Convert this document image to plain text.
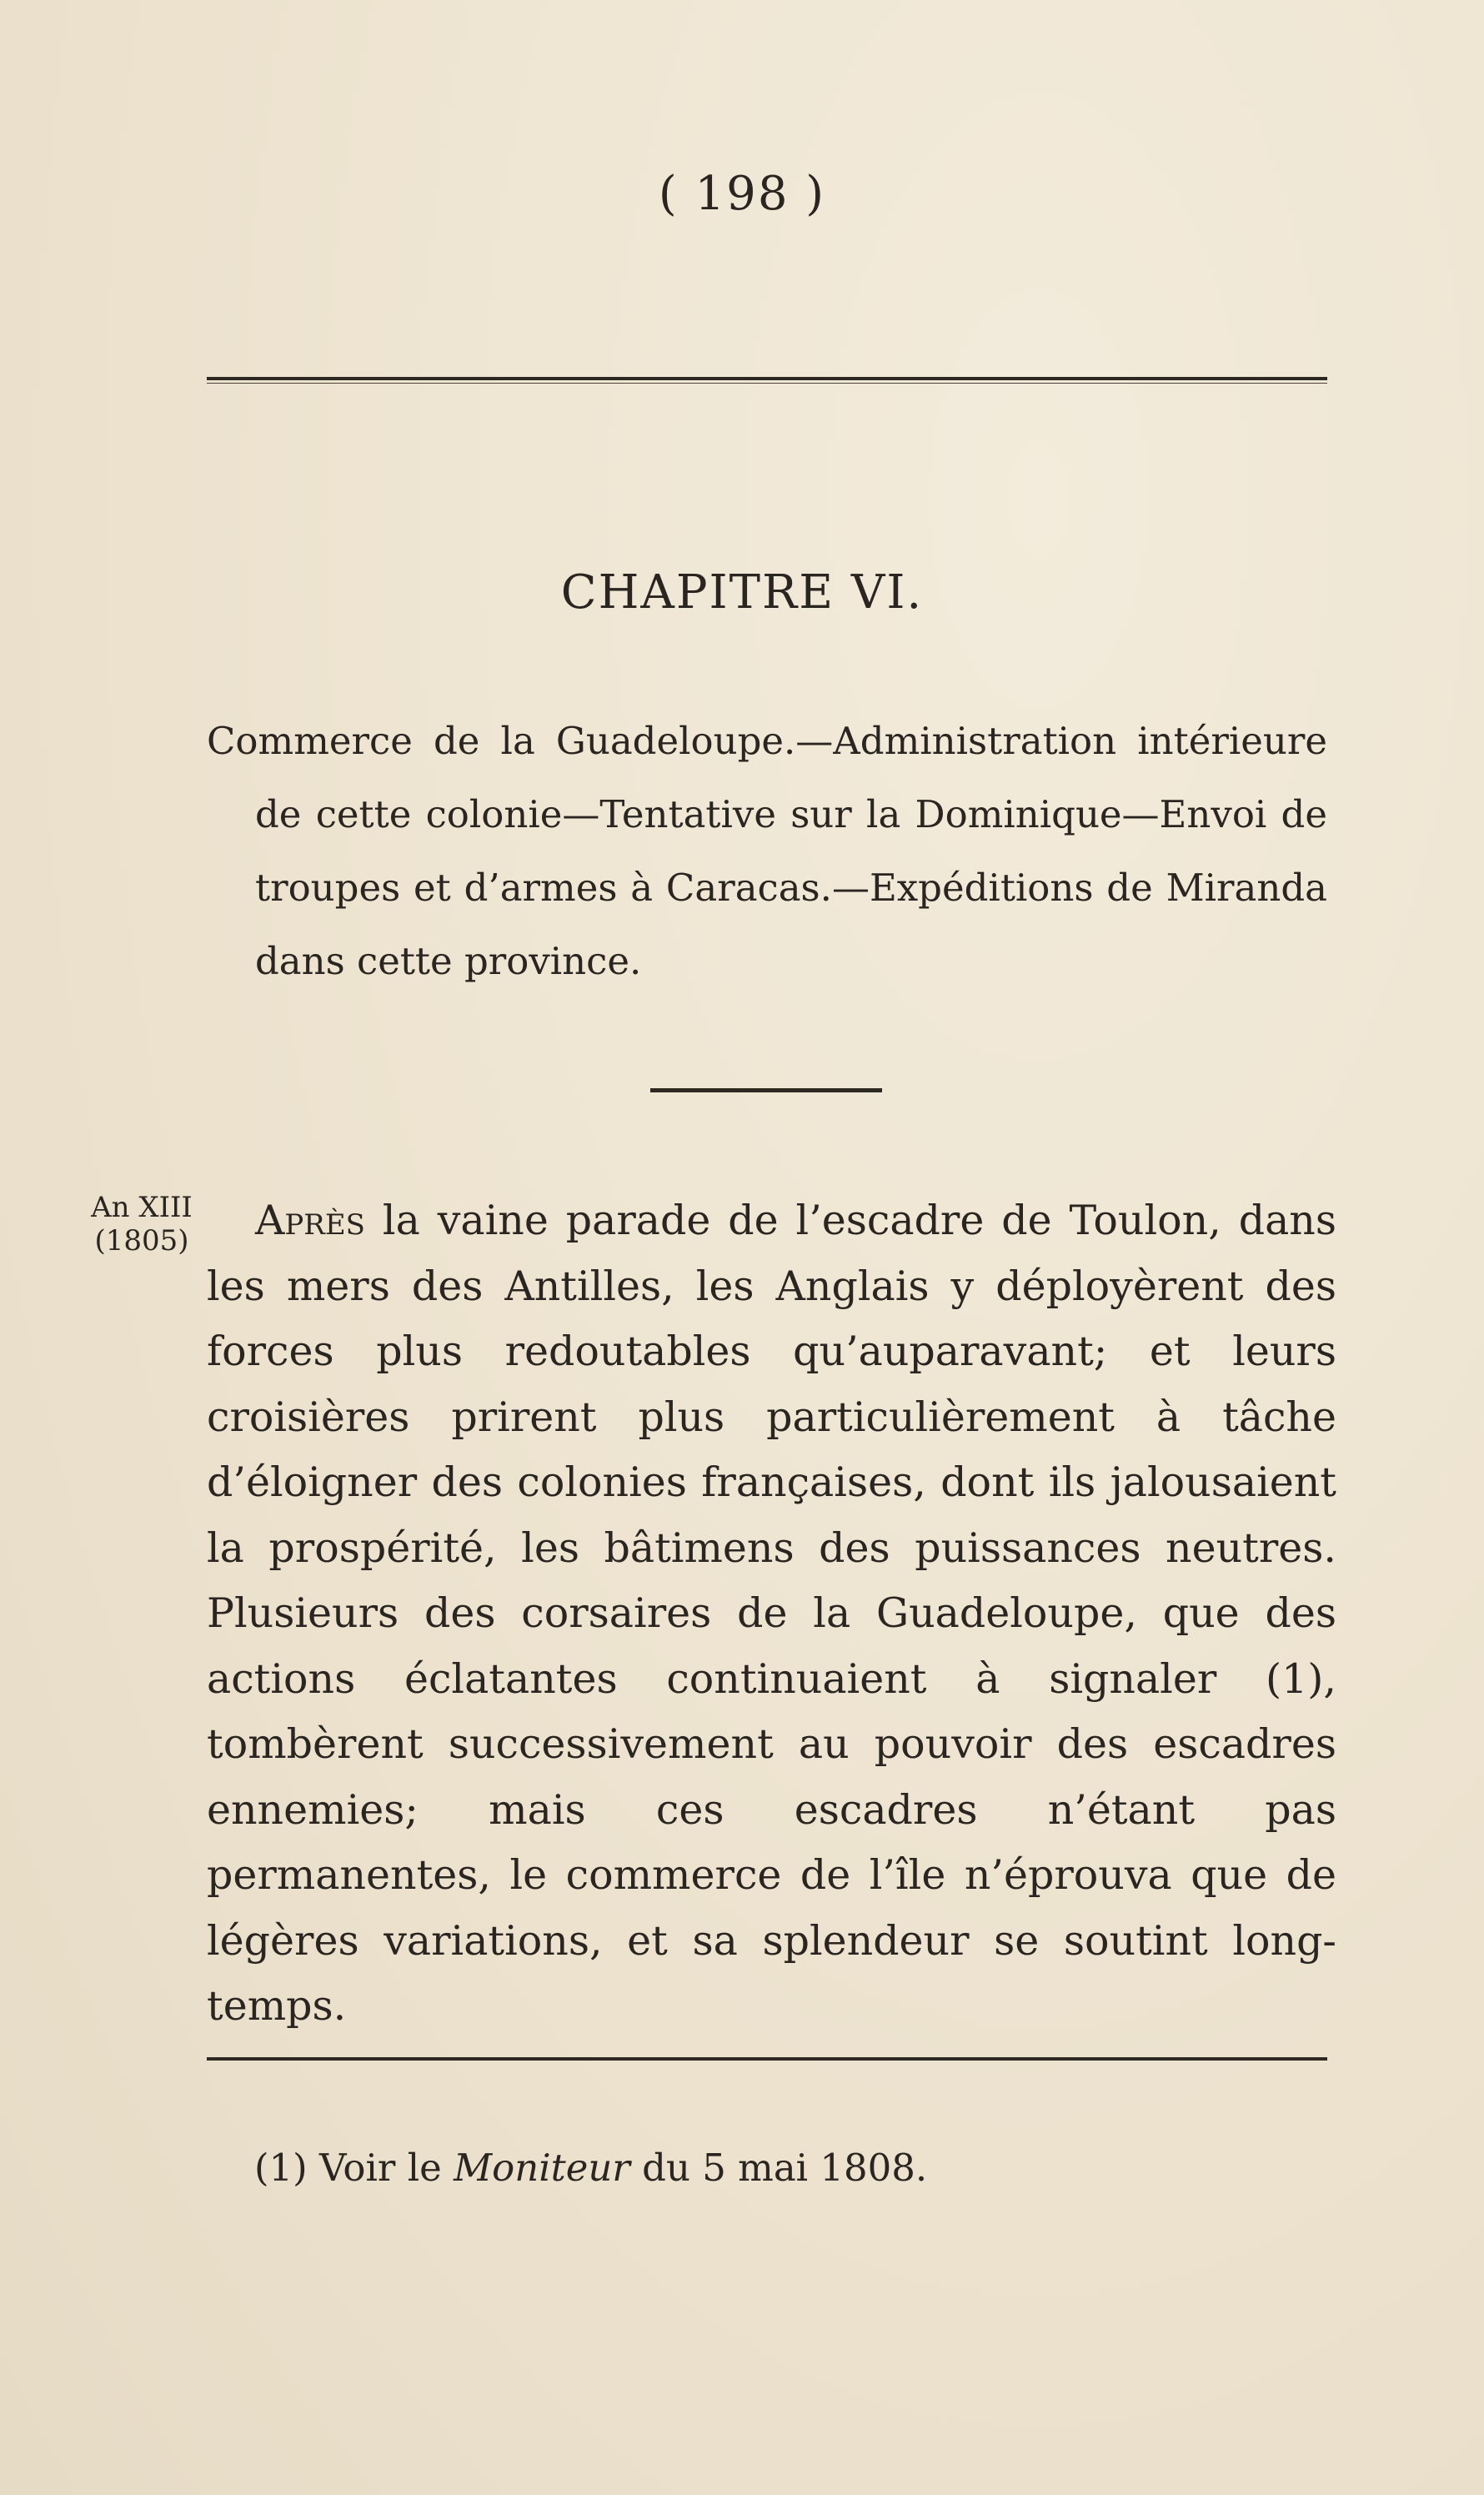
( 198 )
CHAPITRE VI.

Commerce de la Guadeloupe.—Administration intérieure de cette colonie—Tentative sur la Dominique—Envoi de troupes et d’armes à Caracas.—Expéditions de Miranda dans cette province.

An XIII
(1805)	Après la vaine parade de l’escadre de Toulon, dans les mers des Antilles, les Anglais y déployèrent des forces plus redoutables qu’auparavant; et leurs croisières prirent plus particulièrement à tâche d’éloigner des colonies françaises, dont ils jalousaient la prospérité, les bâtimens des puissances neutres. Plusieurs des corsaires de la Guadeloupe, que des actions éclatantes continuaient à signaler (1), tombèrent successivement au pouvoir des escadres ennemies; mais ces escadres n’étant pas permanentes, le commerce de l’île n’éprouva que de légères variations, et sa splendeur se soutint long-temps.

(1) Voir le Moniteur du 5 mai 1808.
